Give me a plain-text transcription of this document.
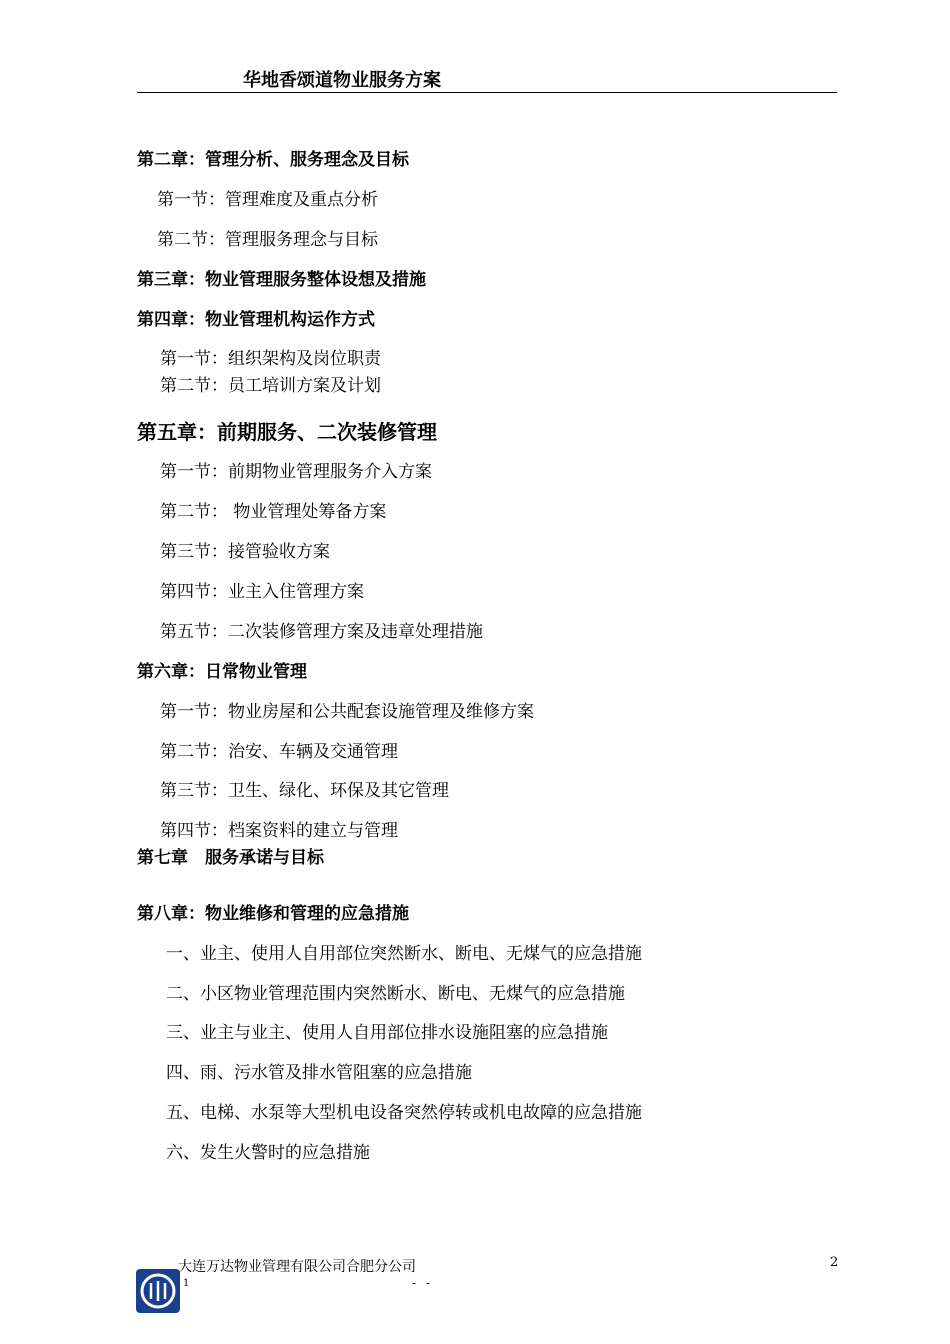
华地香颂道物业服务方案
第二章：管理分析、服务理念及目标
第一节：管理难度及重点分析
第二节：管理服务理念与目标
第三章：物业管理服务整体设想及措施
第四章：物业管理机构运作方式
第一节：组织架构及岗位职责
第二节：员工培训方案及计划
第五章：前期服务、二次装修管理
第一节：前期物业管理服务介入方案
第二节： 物业管理处筹备方案
第三节：接管验收方案
第四节：业主入住管理方案
第五节：二次装修管理方案及违章处理措施
第六章：日常物业管理
第一节：物业房屋和公共配套设施管理及维修方案
第二节：治安、车辆及交通管理
第三节：卫生、绿化、环保及其它管理
第四节：档案资料的建立与管理
第七章　服务承诺与目标
第八章：物业维修和管理的应急措施
一、业主、使用人自用部位突然断水、断电、无煤气的应急措施
二、小区物业管理范围内突然断水、断电、无煤气的应急措施
三、业主与业主、使用人自用部位排水设施阻塞的应急措施
四、雨、污水管及排水管阻塞的应急措施
五、电梯、水泵等大型机电设备突然停转或机电故障的应急措施
六、发生火警时的应急措施
大连万达物业管理有限公司合肥分公司
1	- -
2
